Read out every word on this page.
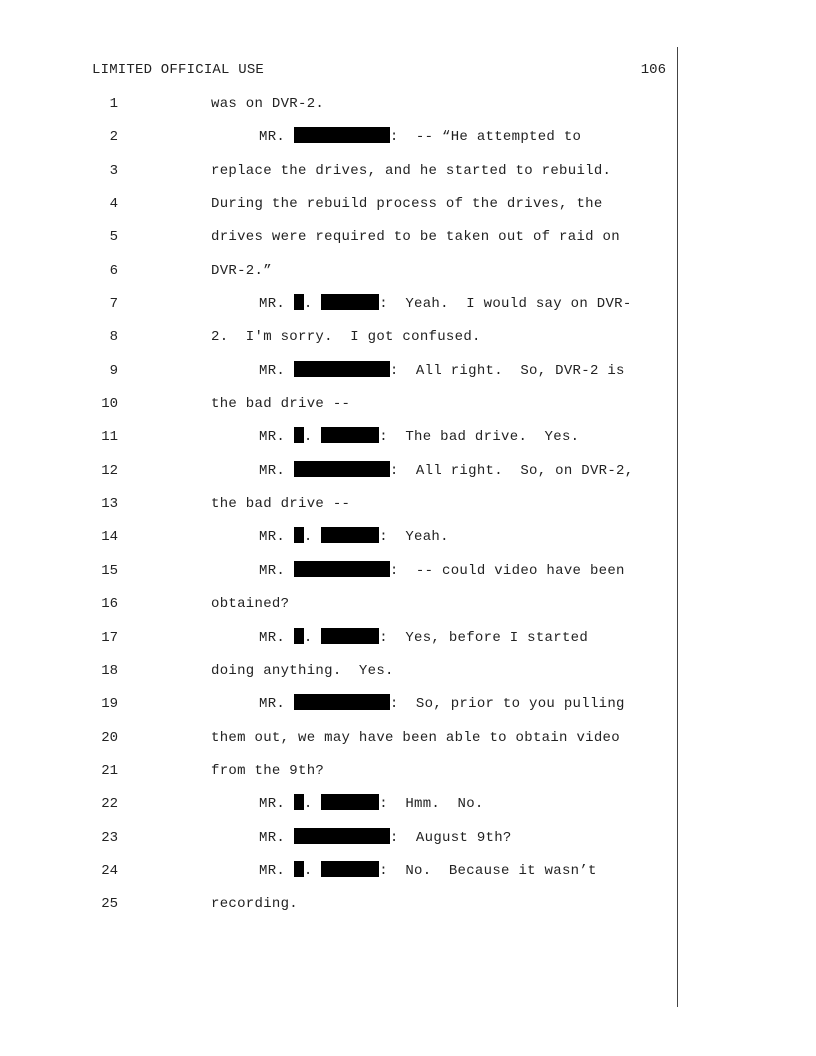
LIMITED OFFICIAL USE	106
1	was on DVR-2.
2	MR.	:  -- “He attempted to
3	replace the drives, and he started to rebuild.
4	During the rebuild process of the drives, the
5	drives were required to be taken out of raid on
6	DVR-2.”
7	MR. .	:  Yeah.  I would say on DVR-
8	2.  I'm sorry.  I got confused.
9	MR.	:  All right.  So, DVR-2 is
10	the bad drive --
11	MR. .	:  The bad drive.  Yes.
12	MR.	:  All right.  So, on DVR-2,
13	the bad drive --
14	MR. .	:  Yeah.
15	MR.	:  -- could video have been
16	obtained?
17	MR. .	:  Yes, before I started
18	doing anything.  Yes.
19	MR.	:  So, prior to you pulling
20	them out, we may have been able to obtain video
21	from the 9th?
22	MR. .	:  Hmm.  No.
23	MR.	:  August 9th?
24	MR. .	:  No.  Because it wasn’t
25	recording.
